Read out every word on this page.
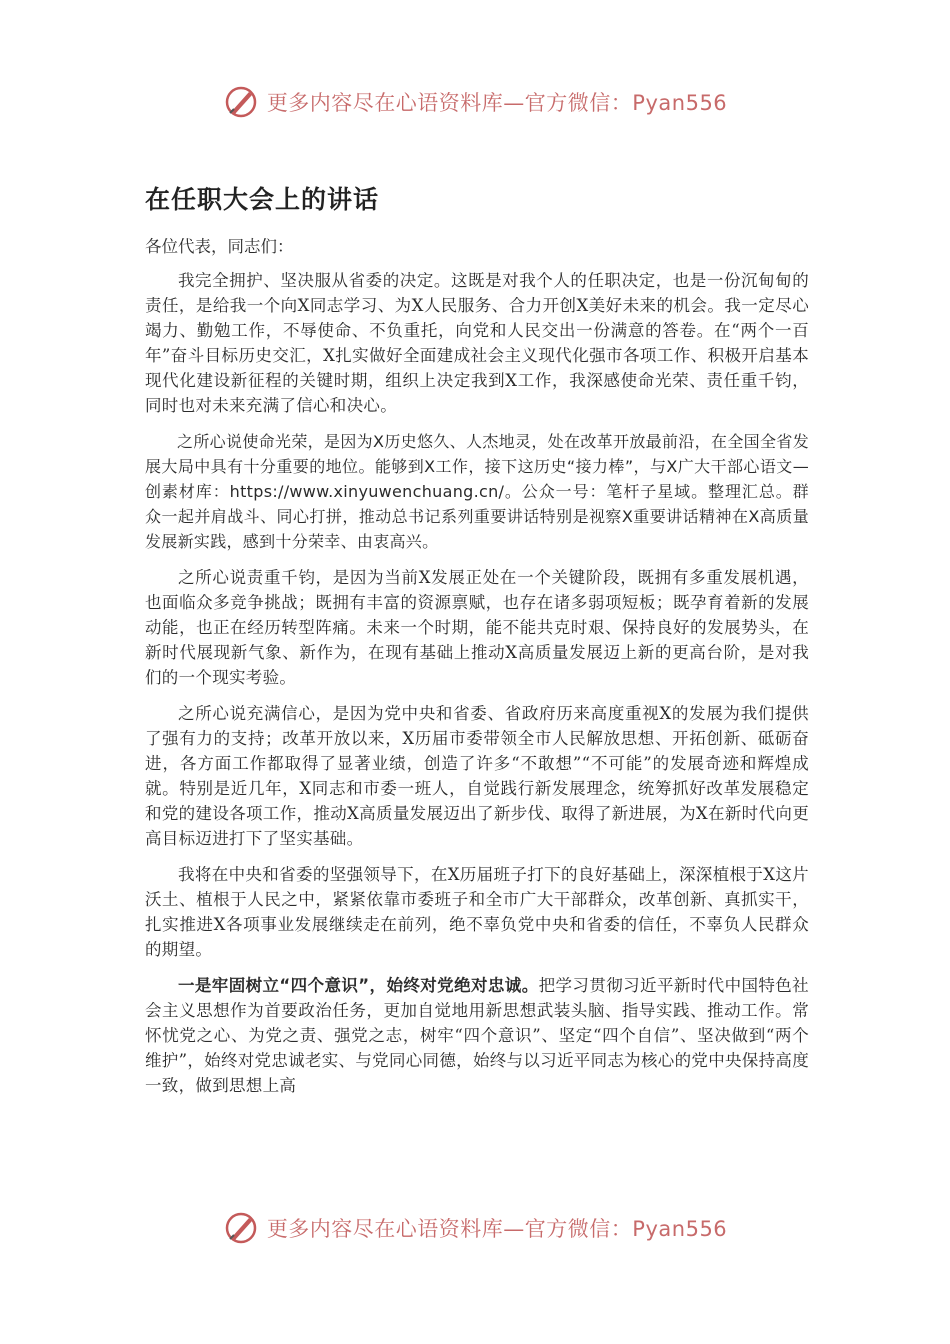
更多内容尽在心语资料库—官方微信：Pyan556
在任职大会上的讲话

各位代表，同志们：

我完全拥护、坚决服从省委的决定。这既是对我个人的任职决定，也是一份沉甸甸的责任，是给我一个向X同志学习、为X人民服务、合力开创X美好未来的机会。我一定尽心竭力、勤勉工作，不辱使命、不负重托，向党和人民交出一份满意的答卷。在“两个一百年”奋斗目标历史交汇，X扎实做好全面建成社会主义现代化强市各项工作、积极开启基本现代化建设新征程的关键时期，组织上决定我到X工作，我深感使命光荣、责任重千钧，同时也对未来充满了信心和决心。

之所心说使命光荣，是因为X历史悠久、人杰地灵，处在改革开放最前沿，在全国全省发展大局中具有十分重要的地位。能够到X工作，接下这历史“接力棒”，与X广大干部心语文—创素材库：https://www.xinyuwenchuang.cn/。公众一号：笔杆子星域。整理汇总。群众一起并肩战斗、同心打拼，推动总书记系列重要讲话特别是视察X重要讲话精神在X高质量发展新实践，感到十分荣幸、由衷高兴。

之所心说责重千钧，是因为当前X发展正处在一个关键阶段，既拥有多重发展机遇，也面临众多竞争挑战；既拥有丰富的资源禀赋，也存在诸多弱项短板；既孕育着新的发展动能，也正在经历转型阵痛。未来一个时期，能不能共克时艰、保持良好的发展势头，在新时代展现新气象、新作为，在现有基础上推动X高质量发展迈上新的更高台阶，是对我们的一个现实考验。

之所心说充满信心，是因为党中央和省委、省政府历来高度重视X的发展为我们提供了强有力的支持；改革开放以来，X历届市委带领全市人民解放思想、开拓创新、砥砺奋进，各方面工作都取得了显著业绩，创造了许多“不敢想”“不可能”的发展奇迹和辉煌成就。特别是近几年，X同志和市委一班人，自觉践行新发展理念，统筹抓好改革发展稳定和党的建设各项工作，推动X高质量发展迈出了新步伐、取得了新进展，为X在新时代向更高目标迈进打下了坚实基础。

我将在中央和省委的坚强领导下，在X历届班子打下的良好基础上，深深植根于X这片沃土、植根于人民之中，紧紧依靠市委班子和全市广大干部群众，改革创新、真抓实干，扎实推进X各项事业发展继续走在前列，绝不辜负党中央和省委的信任，不辜负人民群众的期望。

一是牢固树立“四个意识”，始终对党绝对忠诚。把学习贯彻习近平新时代中国特色社会主义思想作为首要政治任务，更加自觉地用新思想武装头脑、指导实践、推动工作。常怀忧党之心、为党之责、强党之志，树牢“四个意识”、坚定“四个自信”、坚决做到“两个维护”，始终对党忠诚老实、与党同心同德，始终与以习近平同志为核心的党中央保持高度一致，做到思想上高

更多内容尽在心语资料库—官方微信：Pyan556
